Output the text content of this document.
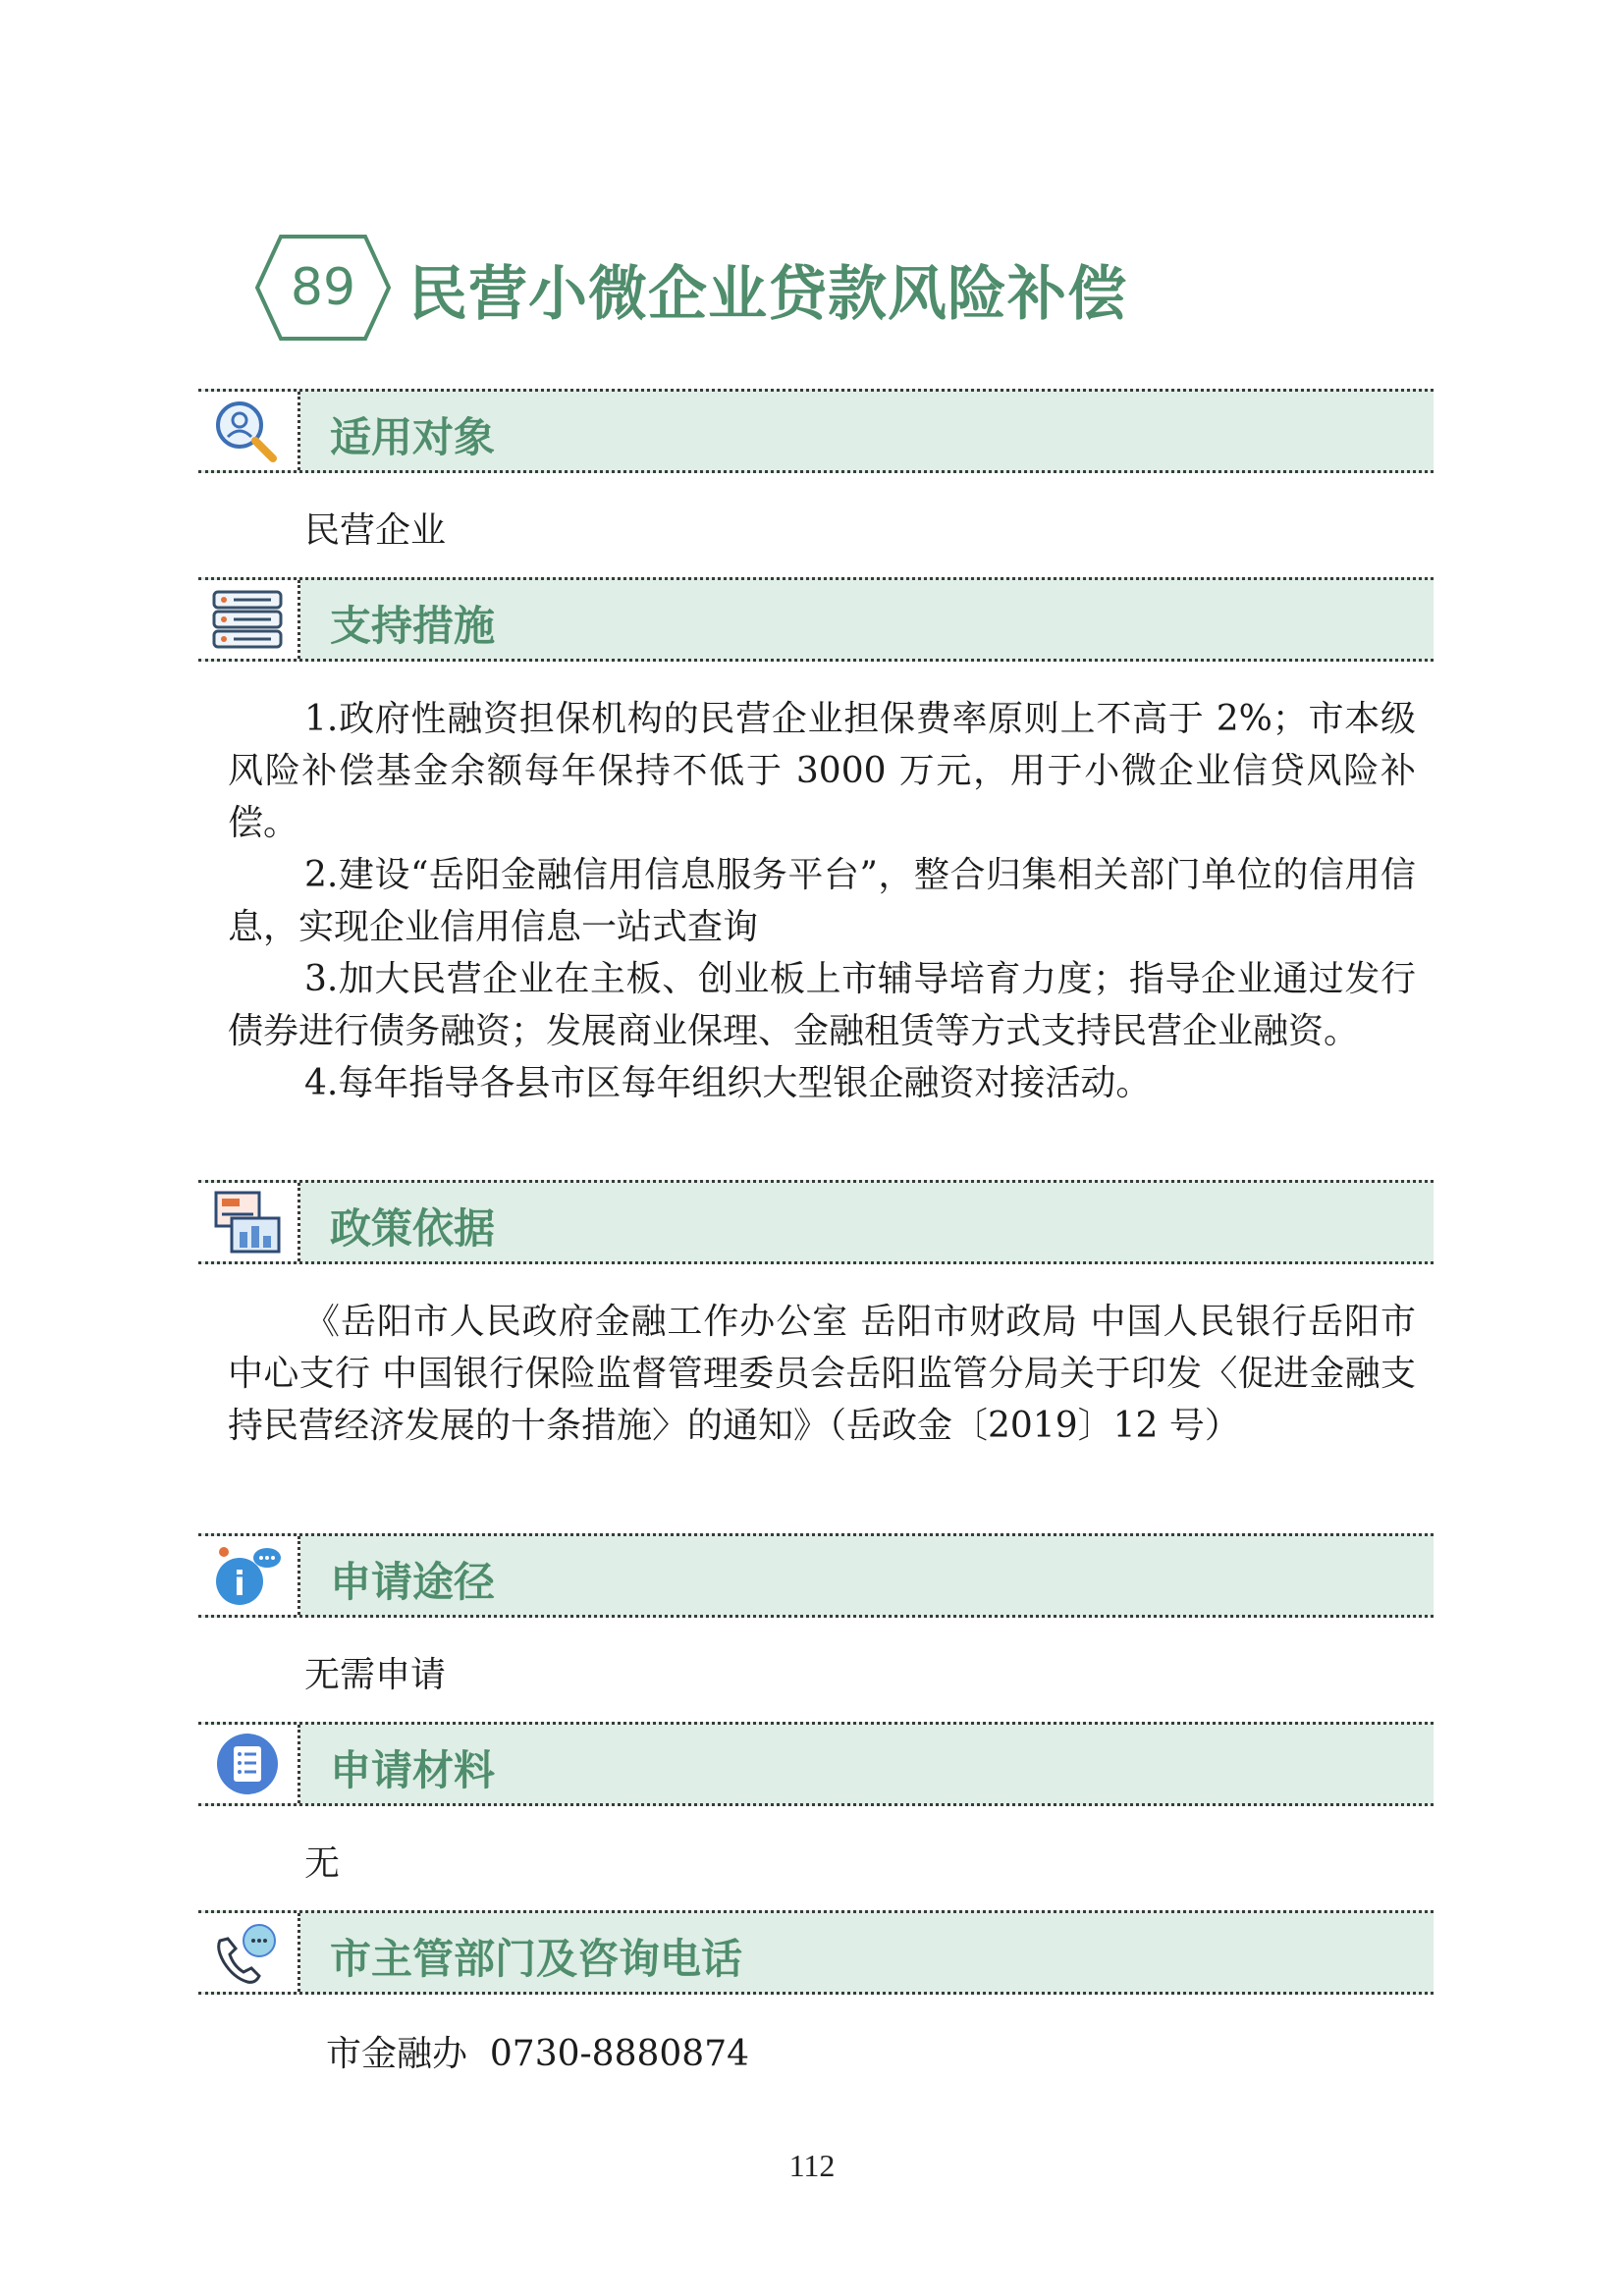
89 民营小微企业贷款风险补偿
适用对象

民营企业

支持措施

1.政府性融资担保机构的民营企业担保费率原则上不高于 2%；市本级风险补偿基金余额每年保持不低于 3000 万元，用于小微企业信贷风险补偿。

2.建设“岳阳金融信用信息服务平台”，整合归集相关部门单位的信用信息，实现企业信用信息一站式查询

3.加大民营企业在主板、创业板上市辅导培育力度；指导企业通过发行债券进行债务融资；发展商业保理、金融租赁等方式支持民营企业融资。

4.每年指导各县市区每年组织大型银企融资对接活动。

政策依据

《岳阳市人民政府金融工作办公室 岳阳市财政局 中国人民银行岳阳市中心支行 中国银行保险监督管理委员会岳阳监管分局关于印发〈促进金融支持民营经济发展的十条措施〉的通知》（岳政金〔2019〕12 号）

i 申请途径

无需申请

申请材料

无

市主管部门及咨询电话

市金融办  0730-8880874

112
